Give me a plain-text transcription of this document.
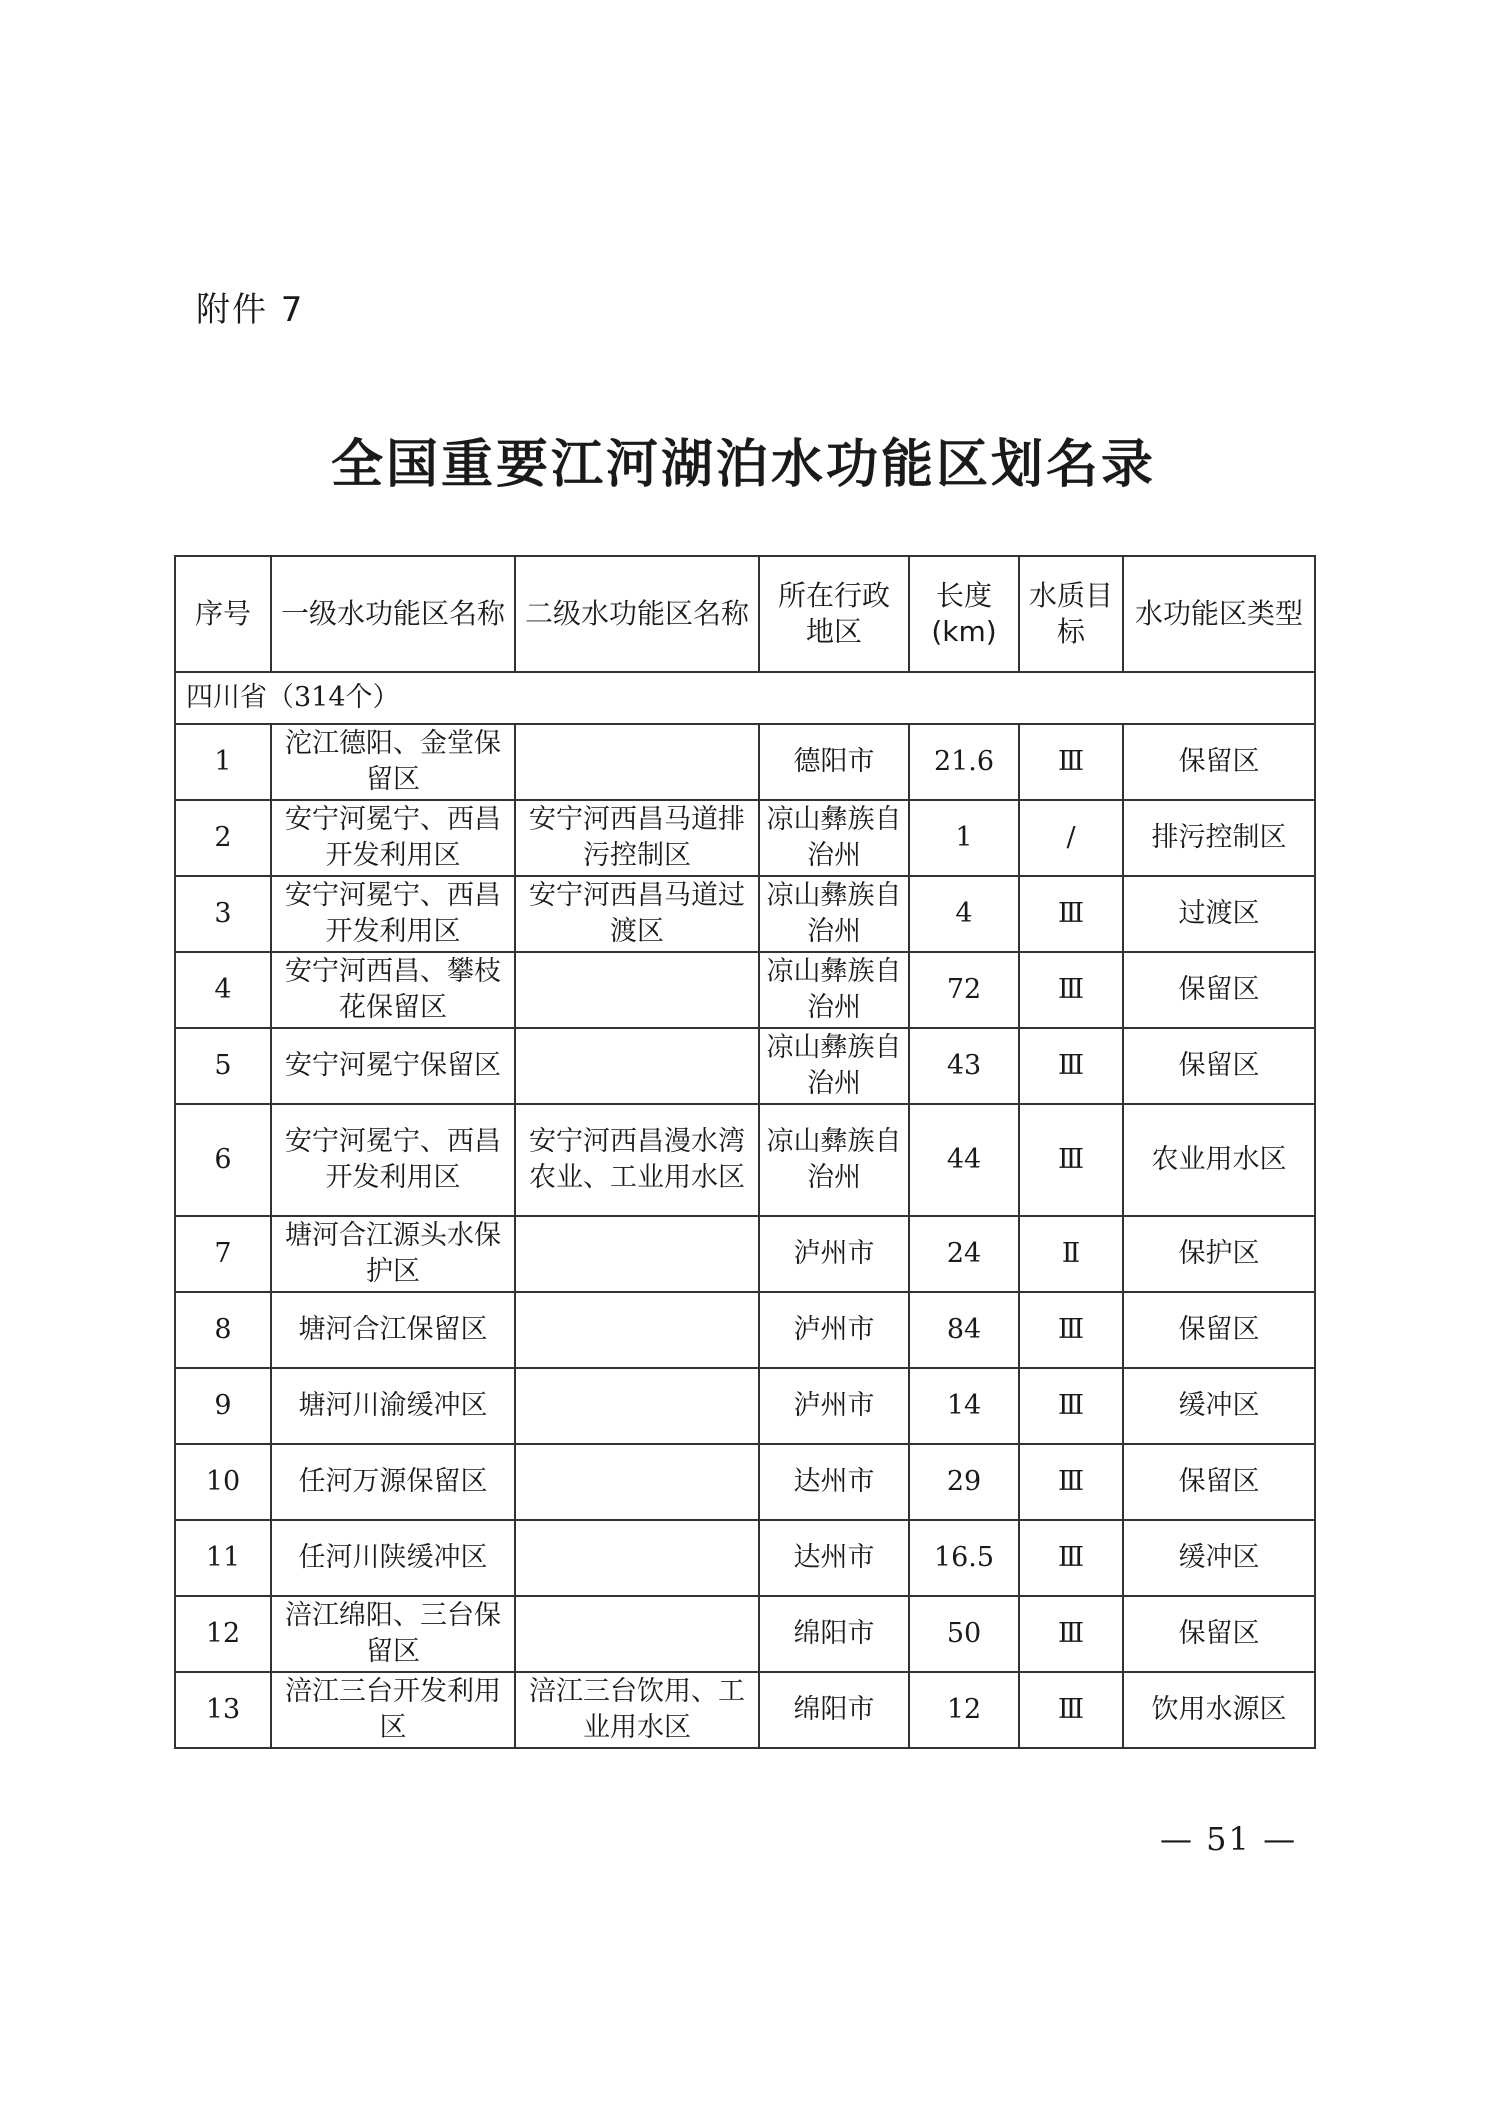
附件 7
全国重要江河湖泊水功能区划名录
序号	一级水功能区名称	二级水功能区名称	所在行政地区	长度(km)	水质目标	水功能区类型
四川省（314个）						
1	沱江德阳、金堂保留区		德阳市	21.6	Ⅲ	保留区
2	安宁河冕宁、西昌开发利用区	安宁河西昌马道排污控制区	凉山彝族自治州	1	/	排污控制区
3	安宁河冕宁、西昌开发利用区	安宁河西昌马道过渡区	凉山彝族自治州	4	Ⅲ	过渡区
4	安宁河西昌、攀枝花保留区		凉山彝族自治州	72	Ⅲ	保留区
5	安宁河冕宁保留区		凉山彝族自治州	43	Ⅲ	保留区
6	安宁河冕宁、西昌开发利用区	安宁河西昌漫水湾农业、工业用水区	凉山彝族自治州	44	Ⅲ	农业用水区
7	塘河合江源头水保护区		泸州市	24	Ⅱ	保护区
8	塘河合江保留区		泸州市	84	Ⅲ	保留区
9	塘河川渝缓冲区		泸州市	14	Ⅲ	缓冲区
10	任河万源保留区		达州市	29	Ⅲ	保留区
11	任河川陕缓冲区		达州市	16.5	Ⅲ	缓冲区
12	涪江绵阳、三台保留区		绵阳市	50	Ⅲ	保留区
13	涪江三台开发利用区	涪江三台饮用、工业用水区	绵阳市	12	Ⅲ	饮用水源区
— 51 —
